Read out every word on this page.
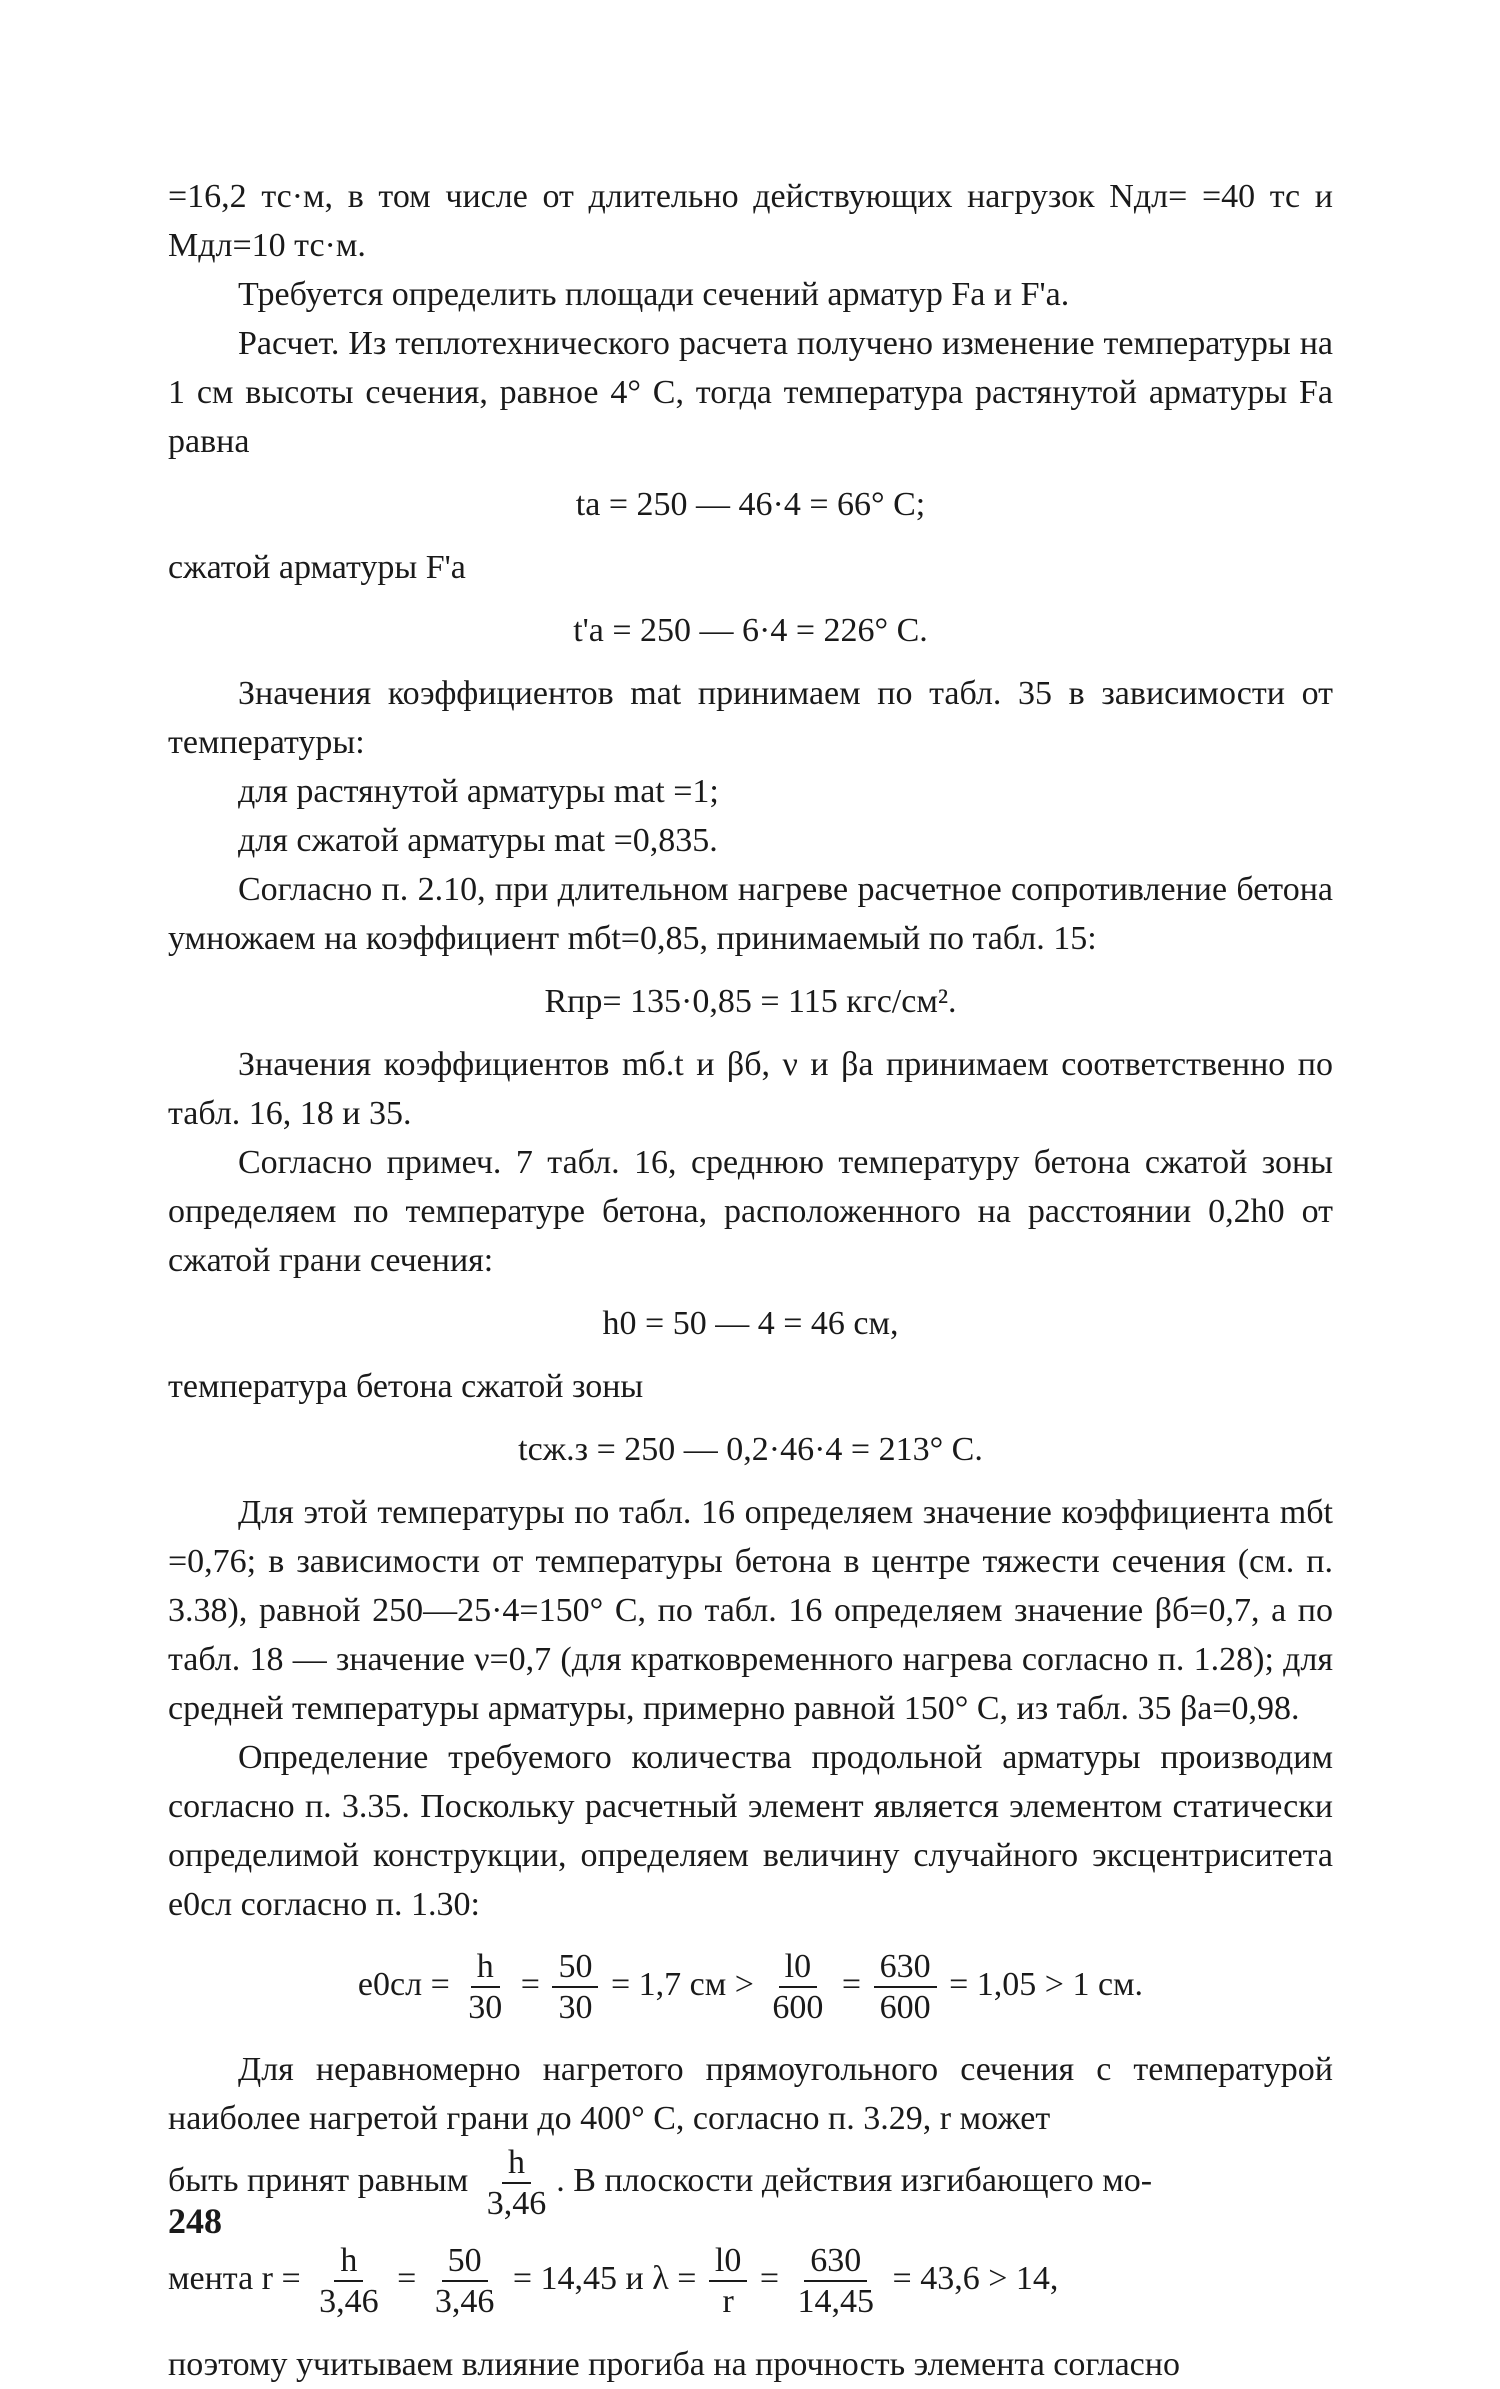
=16,2 тс·м, в том числе от длительно действующих нагрузок Nдл= =40 тс и Mдл=10 тс·м.

Требуется определить площади сечений арматур Fa и F'a.

Расчет. Из теплотехнического расчета получено изменение температуры на 1 см высоты сечения, равное 4° С, тогда температура растянутой арматуры Fa равна

ta = 250 — 46·4 = 66° С;

сжатой арматуры F'a

t'a = 250 — 6·4 = 226° С.

Значения коэффициентов mat принимаем по табл. 35 в зависимости от температуры:

для растянутой арматуры mat =1;

для сжатой арматуры mat =0,835.

Согласно п. 2.10, при длительном нагреве расчетное сопротивление бетона умножаем на коэффициент mбt=0,85, принимаемый по табл. 15:

Rпр= 135·0,85 = 115 кгс/см².

Значения коэффициентов mб.t и βб, ν и βa принимаем соответственно по табл. 16, 18 и 35.

Согласно примеч. 7 табл. 16, среднюю температуру бетона сжатой зоны определяем по температуре бетона, расположенного на расстоянии 0,2h0 от сжатой грани сечения:

h0 = 50 — 4 = 46 см,

температура бетона сжатой зоны

tсж.з = 250 — 0,2·46·4 = 213° С.

Для этой температуры по табл. 16 определяем значение коэффициента mбt =0,76; в зависимости от температуры бетона в центре тяжести сечения (см. п. 3.38), равной 250—25·4=150° С, по табл. 16 определяем значение βб=0,7, а по табл. 18 — значение ν=0,7 (для кратковременного нагрева согласно п. 1.28); для средней температуры арматуры, примерно равной 150° С, из табл. 35 βa=0,98.

Определение требуемого количества продольной арматуры производим согласно п. 3.35. Поскольку расчетный элемент является элементом статически определимой конструкции, определяем величину случайного эксцентриситета e0сл согласно п. 1.30:

$e0сл = \frac{h}{30} = \frac{50}{30} = 1,7$ см > $\frac{l0}{600} = \frac{630}{600} = 1,05 > 1$ см.

Для неравномерно нагретого прямоугольного сечения с температурой наиболее нагретой грани до 400° С, согласно п. 3.29, r может

быть принят равным $\frac{h}{3,46}$ . В плоскости действия изгибающего мо-

мента $r = \frac{h}{3,46} = \frac{50}{3,46} = 14,45$ и $\lambda = \frac{l0}{r} = \frac{630}{14,45} = 43,6 > 14$,

поэтому учитываем влияние прогиба на прочность элемента согласно

248
